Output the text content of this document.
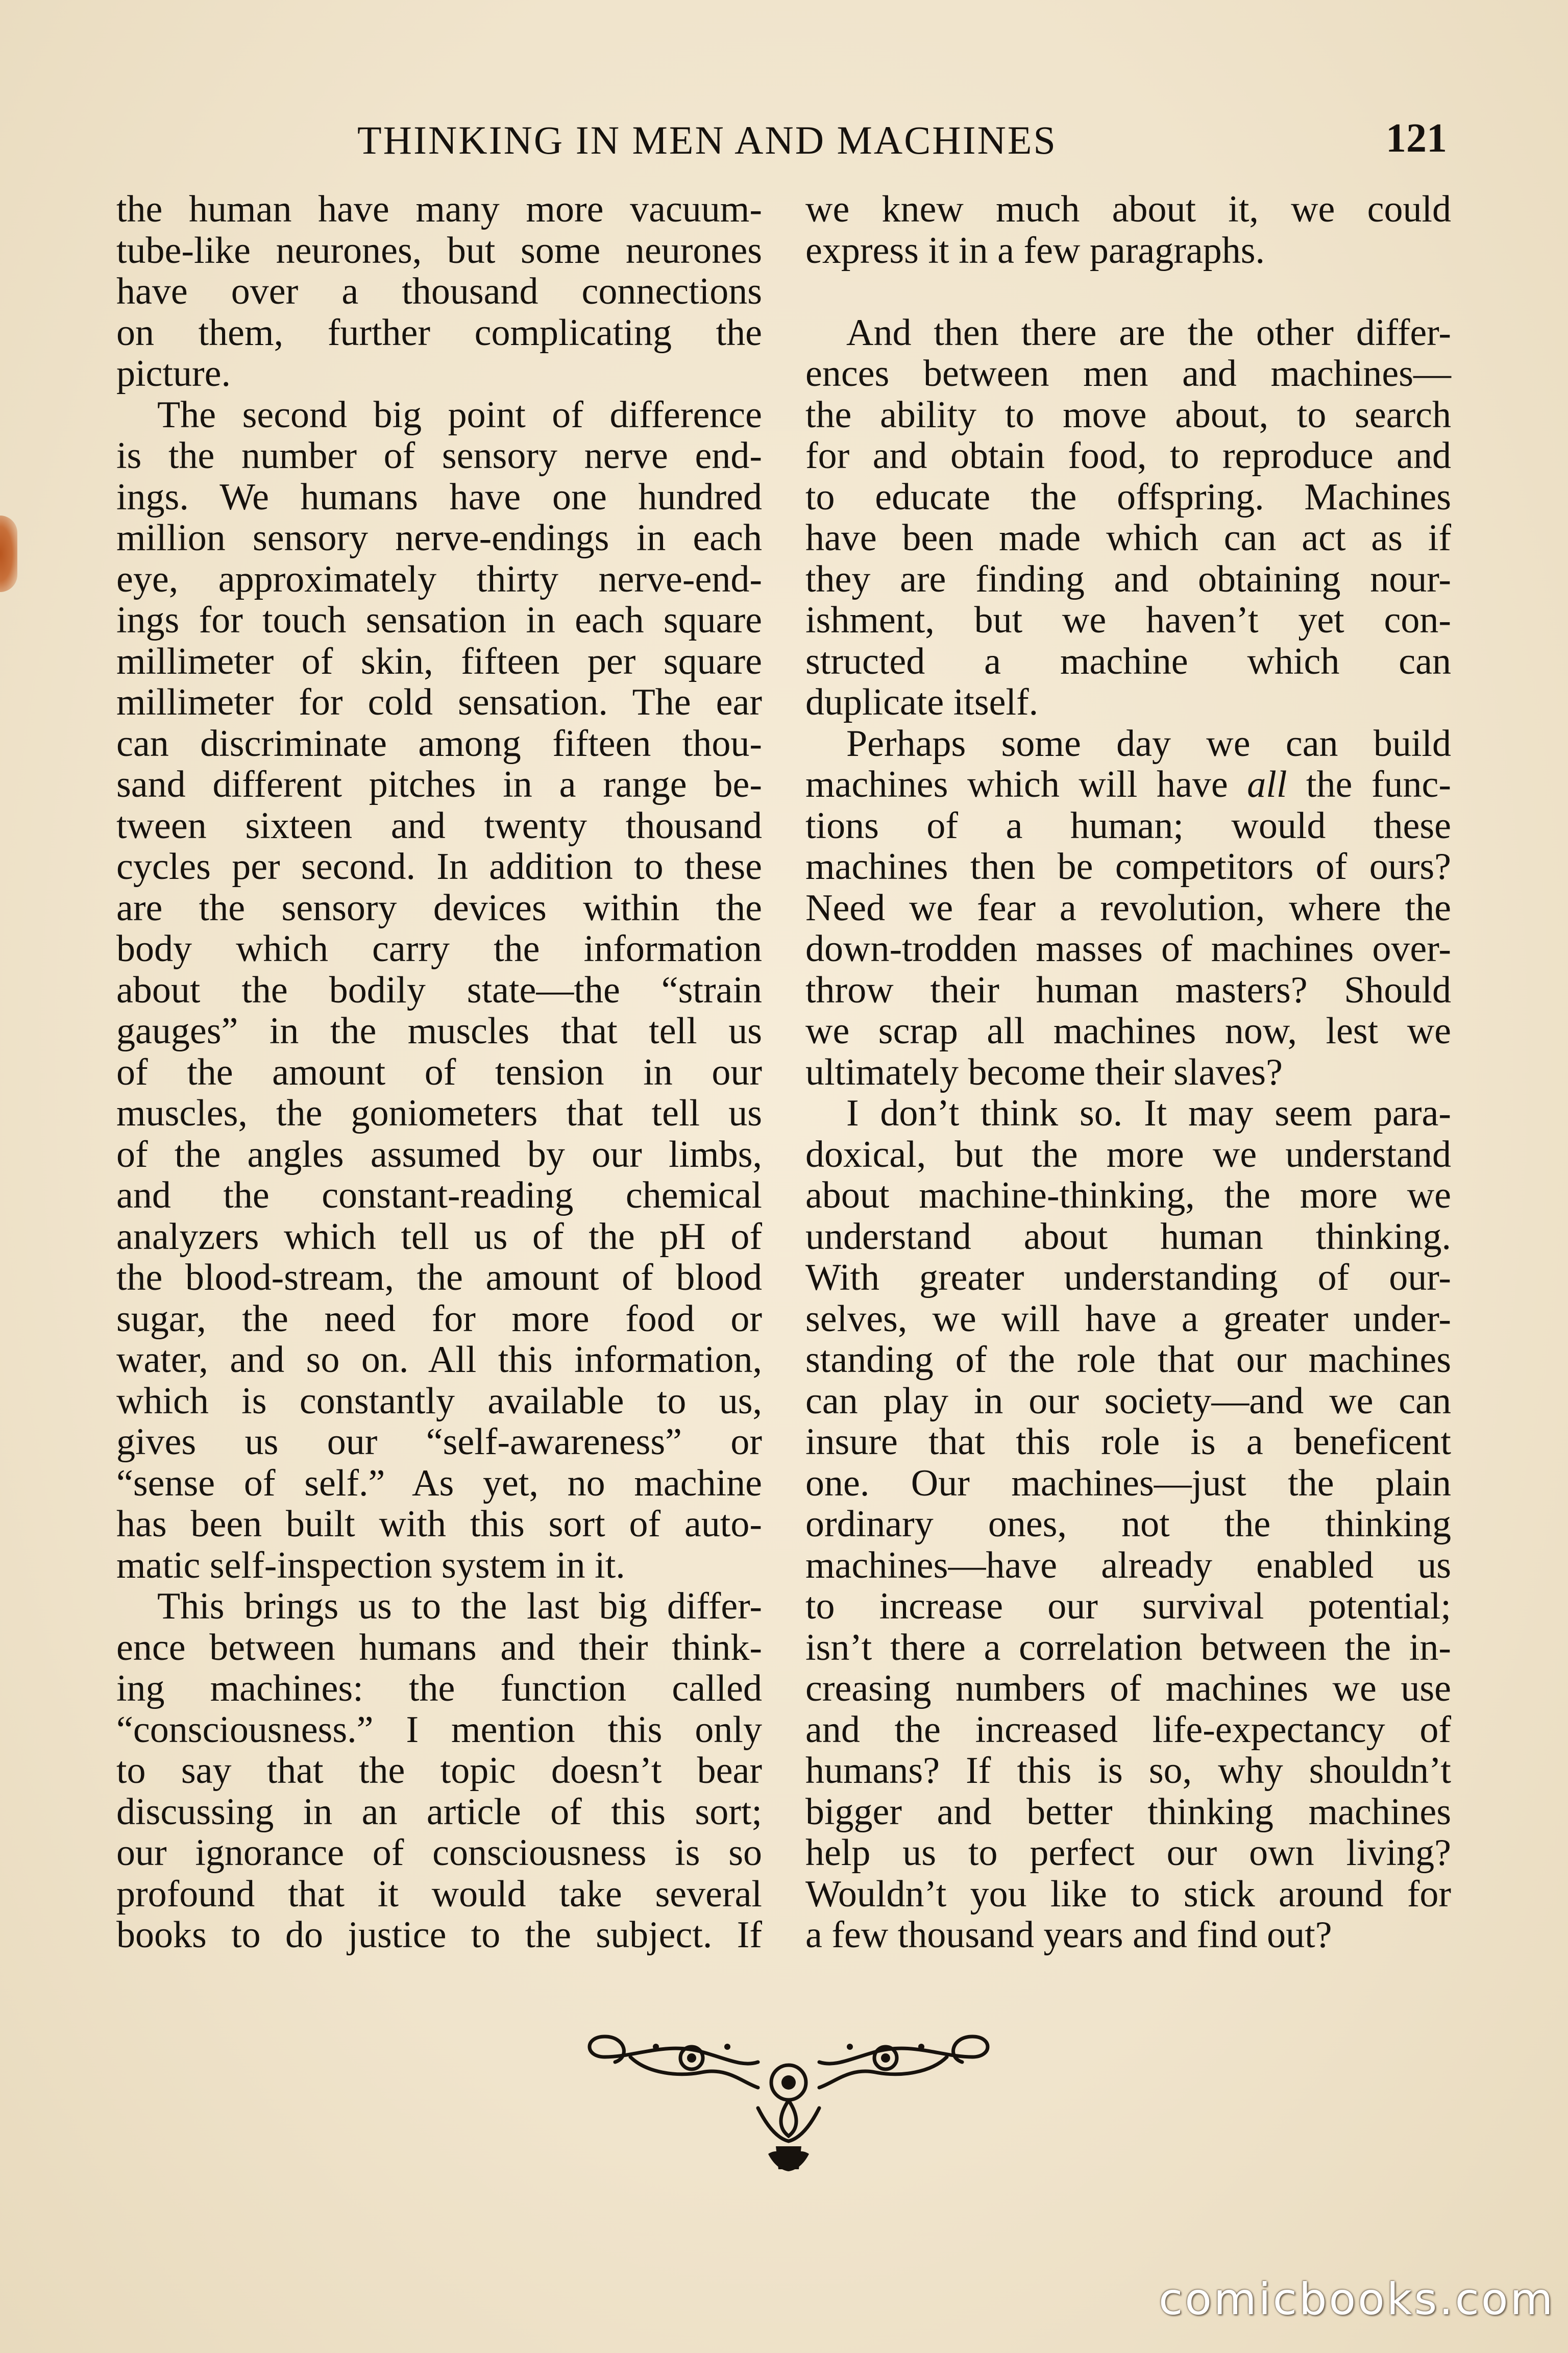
THINKING IN MEN AND MACHINES	121
the human have many more vacuum-
tube-like neurones, but some neurones
have over a thousand connections
on them, further complicating the
picture.
The second big point of difference
is the number of sensory nerve end-
ings. We humans have one hundred
million sensory nerve-endings in each
eye, approximately thirty nerve-end-
ings for touch sensation in each square
millimeter of skin, fifteen per square
millimeter for cold sensation. The ear
can discriminate among fifteen thou-
sand different pitches in a range be-
tween sixteen and twenty thousand
cycles per second. In addition to these
are the sensory devices within the
body which carry the information
about the bodily state—the “strain
gauges” in the muscles that tell us
of the amount of tension in our
muscles, the goniometers that tell us
of the angles assumed by our limbs,
and the constant-reading chemical
analyzers which tell us of the pH of
the blood-stream, the amount of blood
sugar, the need for more food or
water, and so on. All this information,
which is constantly available to us,
gives us our “self-awareness” or
“sense of self.” As yet, no machine
has been built with this sort of auto-
matic self-inspection system in it.
This brings us to the last big differ-
ence between humans and their think-
ing machines: the function called
“consciousness.” I mention this only
to say that the topic doesn’t bear
discussing in an article of this sort;
our ignorance of consciousness is so
profound that it would take several
books to do justice to the subject. If
we knew much about it, we could
express it in a few paragraphs.
And then there are the other differ-
ences between men and machines—
the ability to move about, to search
for and obtain food, to reproduce and
to educate the offspring. Machines
have been made which can act as if
they are finding and obtaining nour-
ishment, but we haven’t yet con-
structed a machine which can
duplicate itself.
Perhaps some day we can build
machines which will have all the func-
tions of a human; would these
machines then be competitors of ours?
Need we fear a revolution, where the
down-trodden masses of machines over-
throw their human masters? Should
we scrap all machines now, lest we
ultimately become their slaves?
I don’t think so. It may seem para-
doxical, but the more we understand
about machine-thinking, the more we
understand about human thinking.
With greater understanding of our-
selves, we will have a greater under-
standing of the role that our machines
can play in our society—and we can
insure that this role is a beneficent
one. Our machines—just the plain
ordinary ones, not the thinking
machines—have already enabled us
to increase our survival potential;
isn’t there a correlation between the in-
creasing numbers of machines we use
and the increased life-expectancy of
humans? If this is so, why shouldn’t
bigger and better thinking machines
help us to perfect our own living?
Wouldn’t you like to stick around for
a few thousand years and find out?
comicbooks.com
